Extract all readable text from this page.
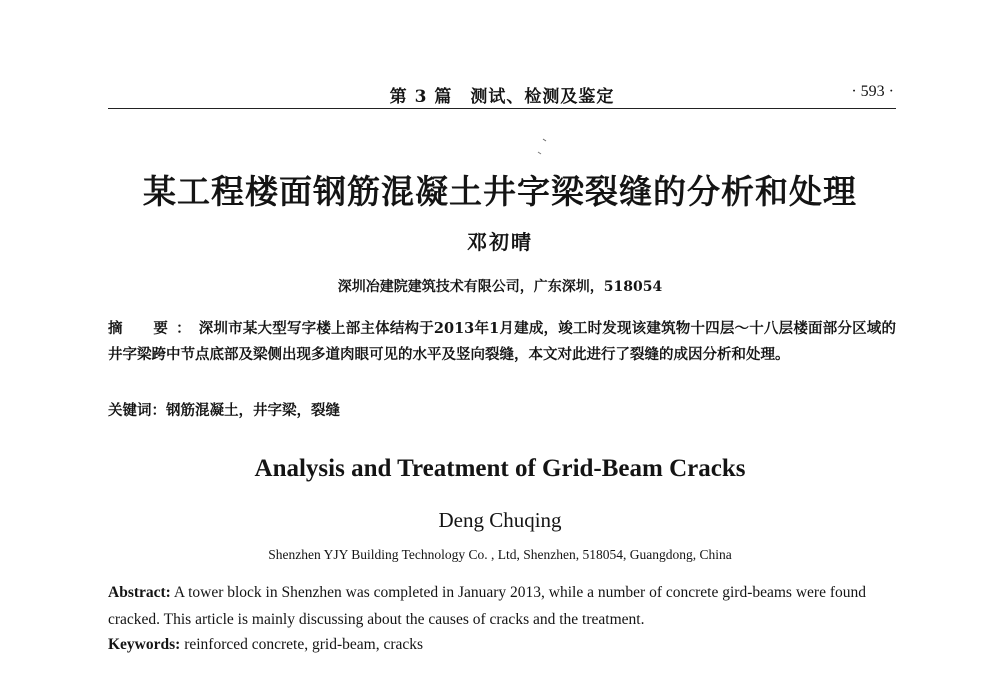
第 3 篇　测试、检测及鉴定	· 593 ·
某工程楼面钢筋混凝土井字梁裂缝的分析和处理
邓初晴
深圳冶建院建筑技术有限公司，广东深圳，518054
摘　要：深圳市某大型写字楼上部主体结构于2013年1月建成，竣工时发现该建筑物十四层～十八层楼面部分区域的井字梁跨中节点底部及梁侧出现多道肉眼可见的水平及竖向裂缝，本文对此进行了裂缝的成因分析和处理。
关键词：钢筋混凝土，井字梁，裂缝
Analysis and Treatment of Grid-Beam Cracks
Deng Chuqing
Shenzhen YJY Building Technology Co. , Ltd, Shenzhen, 518054, Guangdong, China
Abstract: A tower block in Shenzhen was completed in January 2013, while a number of concrete gird-beams were found cracked. This article is mainly discussing about the causes of cracks and the treatment.
Keywords: reinforced concrete, grid-beam, cracks
